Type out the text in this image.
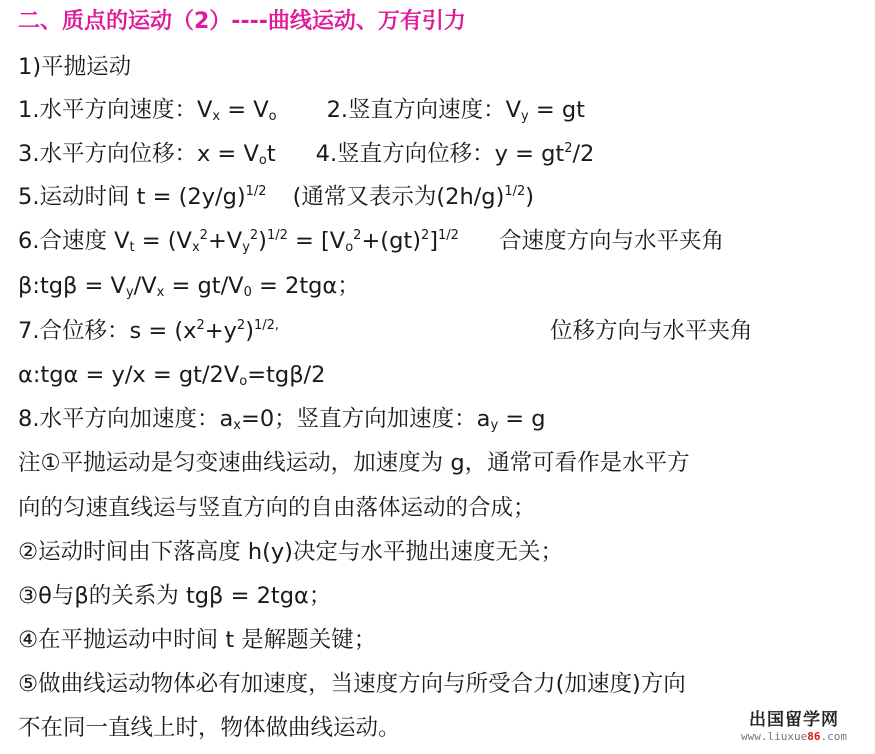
二、质点的运动（2）----曲线运动、万有引力
1)平抛运动
1.水平方向速度：$V_x = V_o$ 2.竖直方向速度：$V_y$ = gt
3.水平方向位移：$x = V_ot$ 4.竖直方向位移：$y = gt^2/2$
5.运动时间 $t = (2y/g)^{1/2}$ (通常又表示为$(2h/g)^{1/2}$)
6.合速度 $V_t = (V_x^2+V_y^2)^{1/2} = [V_o^2+(gt)^2]^{1/2}$ 合速度方向与水平夹角
β:tgβ = $V_y/V_x = gt/V_0 = 2tg\alpha$；
7.合位移：$s = (x^2+y^2)^{1/2,}$	位移方向与水平夹角
α:tgα = $y/x = gt/2V_o=tg\beta/2$
8.水平方向加速度：$a_x=0$；竖直方向加速度：$a_y = g$
注①平抛运动是匀变速曲线运动，加速度为 g，通常可看作是水平方
向的匀速直线运与竖直方向的自由落体运动的合成；
②运动时间由下落高度 h(y)决定与水平抛出速度无关；
③θ与β的关系为 tgβ = 2tgα；
④在平抛运动中时间 t 是解题关键；
⑤做曲线运动物体必有加速度，当速度方向与所受合力(加速度)方向
不在同一直线上时，物体做曲线运动。	出国留学网
www.liuxue86.com
